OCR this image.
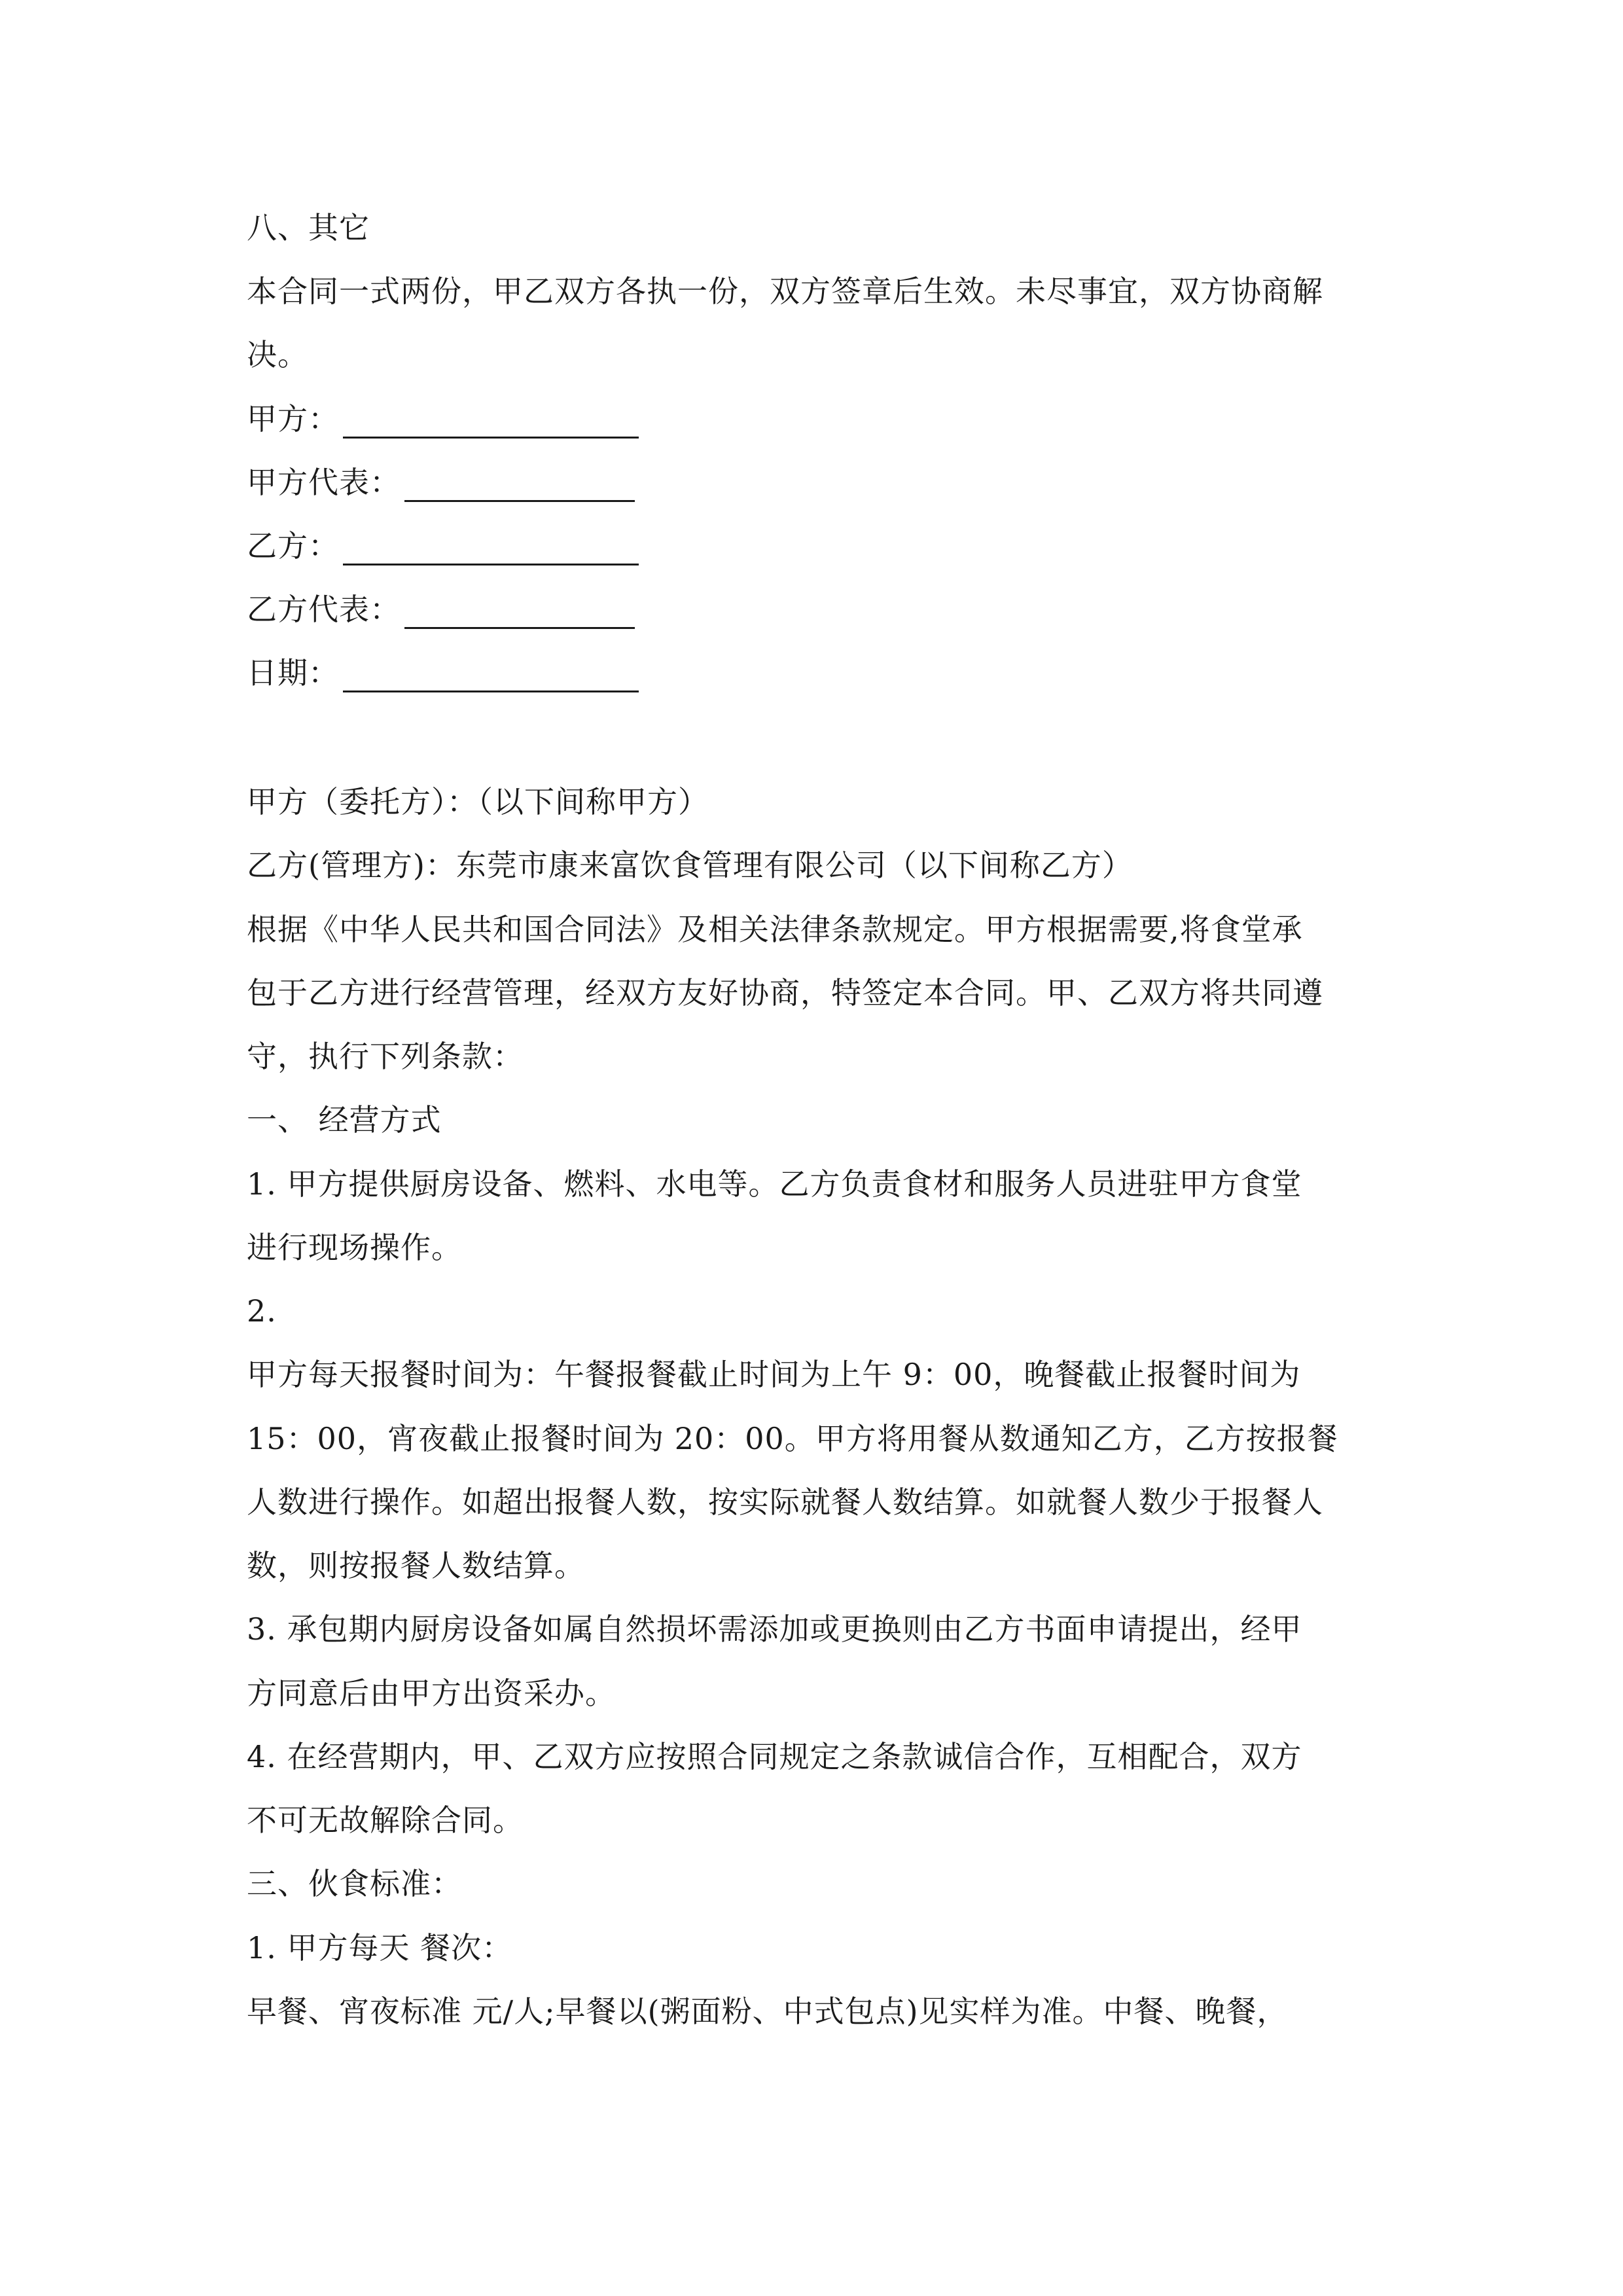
八、其它
本合同一式两份，甲乙双方各执一份，双方签章后生效。未尽事宜，双方协商解
决。
甲方：
甲方代表：
乙方：
乙方代表：
日期：
甲方（委托方）：（以下间称甲方）
乙方(管理方)：东莞市康来富饮食管理有限公司（以下间称乙方）
根据《中华人民共和国合同法》及相关法律条款规定。甲方根据需要,将食堂承
包于乙方进行经营管理，经双方友好协商，特签定本合同。甲、乙双方将共同遵
守，执行下列条款：
一、 经营方式
1. 甲方提供厨房设备、燃料、水电等。乙方负责食材和服务人员进驻甲方食堂
进行现场操作。
2.
甲方每天报餐时间为：午餐报餐截止时间为上午 9：00，晚餐截止报餐时间为
15：00，宵夜截止报餐时间为 20：00。甲方将用餐从数通知乙方，乙方按报餐
人数进行操作。如超出报餐人数，按实际就餐人数结算。如就餐人数少于报餐人
数，则按报餐人数结算。
3. 承包期内厨房设备如属自然损坏需添加或更换则由乙方书面申请提出，经甲
方同意后由甲方出资采办。
4. 在经营期内，甲、乙双方应按照合同规定之条款诚信合作，互相配合，双方
不可无故解除合同。
三、伙食标准：
1. 甲方每天 餐次：
早餐、宵夜标准 元/人;早餐以(粥面粉、中式包点)见实样为准。中餐、晚餐，
